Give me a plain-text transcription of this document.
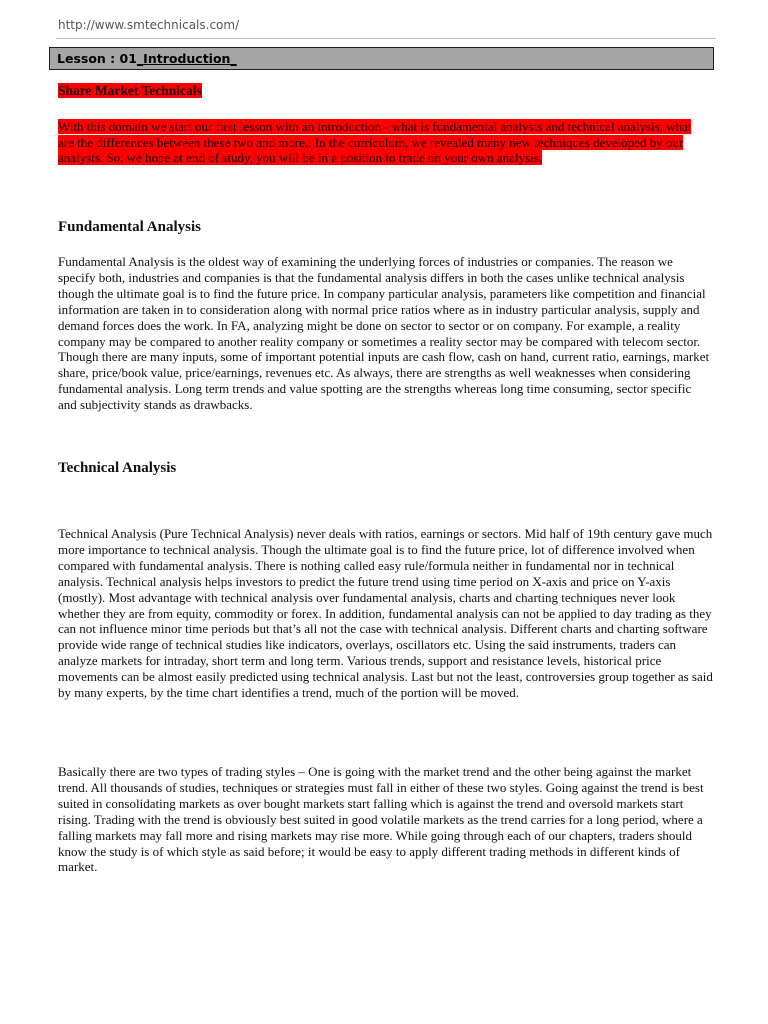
http://www.smtechnicals.com/
Lesson : 01_Introduction_
Share Market Technicals
With this domain we start our first lesson with an introduction - what is fundamental analysis and technical analysis, what are the differences between these two and more.. In the curriculum, we revealed many new techniques developed by our analysts. So, we hope at end of study, you will be in a position to trade on your own analysis.
Fundamental Analysis
Fundamental Analysis is the oldest way of examining the underlying forces of industries or companies. The reason we specify both, industries and companies is that the fundamental analysis differs in both the cases unlike technical analysis though the ultimate goal is to find the future price. In company particular analysis, parameters like competition and financial information are taken in to consideration along with normal price ratios where as in industry particular analysis, supply and demand forces does the work. In FA, analyzing might be done on sector to sector or on company. For example, a reality company may be compared to another reality company or sometimes a reality sector may be compared with telecom sector. Though there are many inputs, some of important potential inputs are cash flow, cash on hand, current ratio, earnings, market share, price/book value, price/earnings, revenues etc. As always, there are strengths as well weaknesses when considering fundamental analysis. Long term trends and value spotting are the strengths whereas long time consuming, sector specific and subjectivity stands as drawbacks.
Technical Analysis
Technical Analysis (Pure Technical Analysis) never deals with ratios, earnings or sectors. Mid half of 19th century gave much more importance to technical analysis. Though the ultimate goal is to find the future price, lot of difference involved when compared with fundamental analysis. There is nothing called easy rule/formula neither in fundamental nor in technical analysis. Technical analysis helps investors to predict the future trend using time period on X-axis and price on Y-axis (mostly). Most advantage with technical analysis over fundamental analysis, charts and charting techniques never look whether they are from equity, commodity or forex. In addition, fundamental analysis can not be applied to day trading as they can not influence minor time periods but that’s all not the case with technical analysis. Different charts and charting software provide wide range of technical studies like indicators, overlays, oscillators etc. Using the said instruments, traders can analyze markets for intraday, short term and long term. Various trends, support and resistance levels, historical price movements can be almost easily predicted using technical analysis. Last but not the least, controversies group together as said by many experts, by the time chart identifies a trend, much of the portion will be moved.
Basically there are two types of trading styles – One is going with the market trend and the other being against the market trend. All thousands of studies, techniques or strategies must fall in either of these two styles. Going against the trend is best suited in consolidating markets as over bought markets start falling which is against the trend and oversold markets start rising. Trading with the trend is obviously best suited in good volatile markets as the trend carries for a long period, where a falling markets may fall more and rising markets may rise more. While going through each of our chapters, traders should know the study is of which style as said before; it would be easy to apply different trading methods in different kinds of market.
